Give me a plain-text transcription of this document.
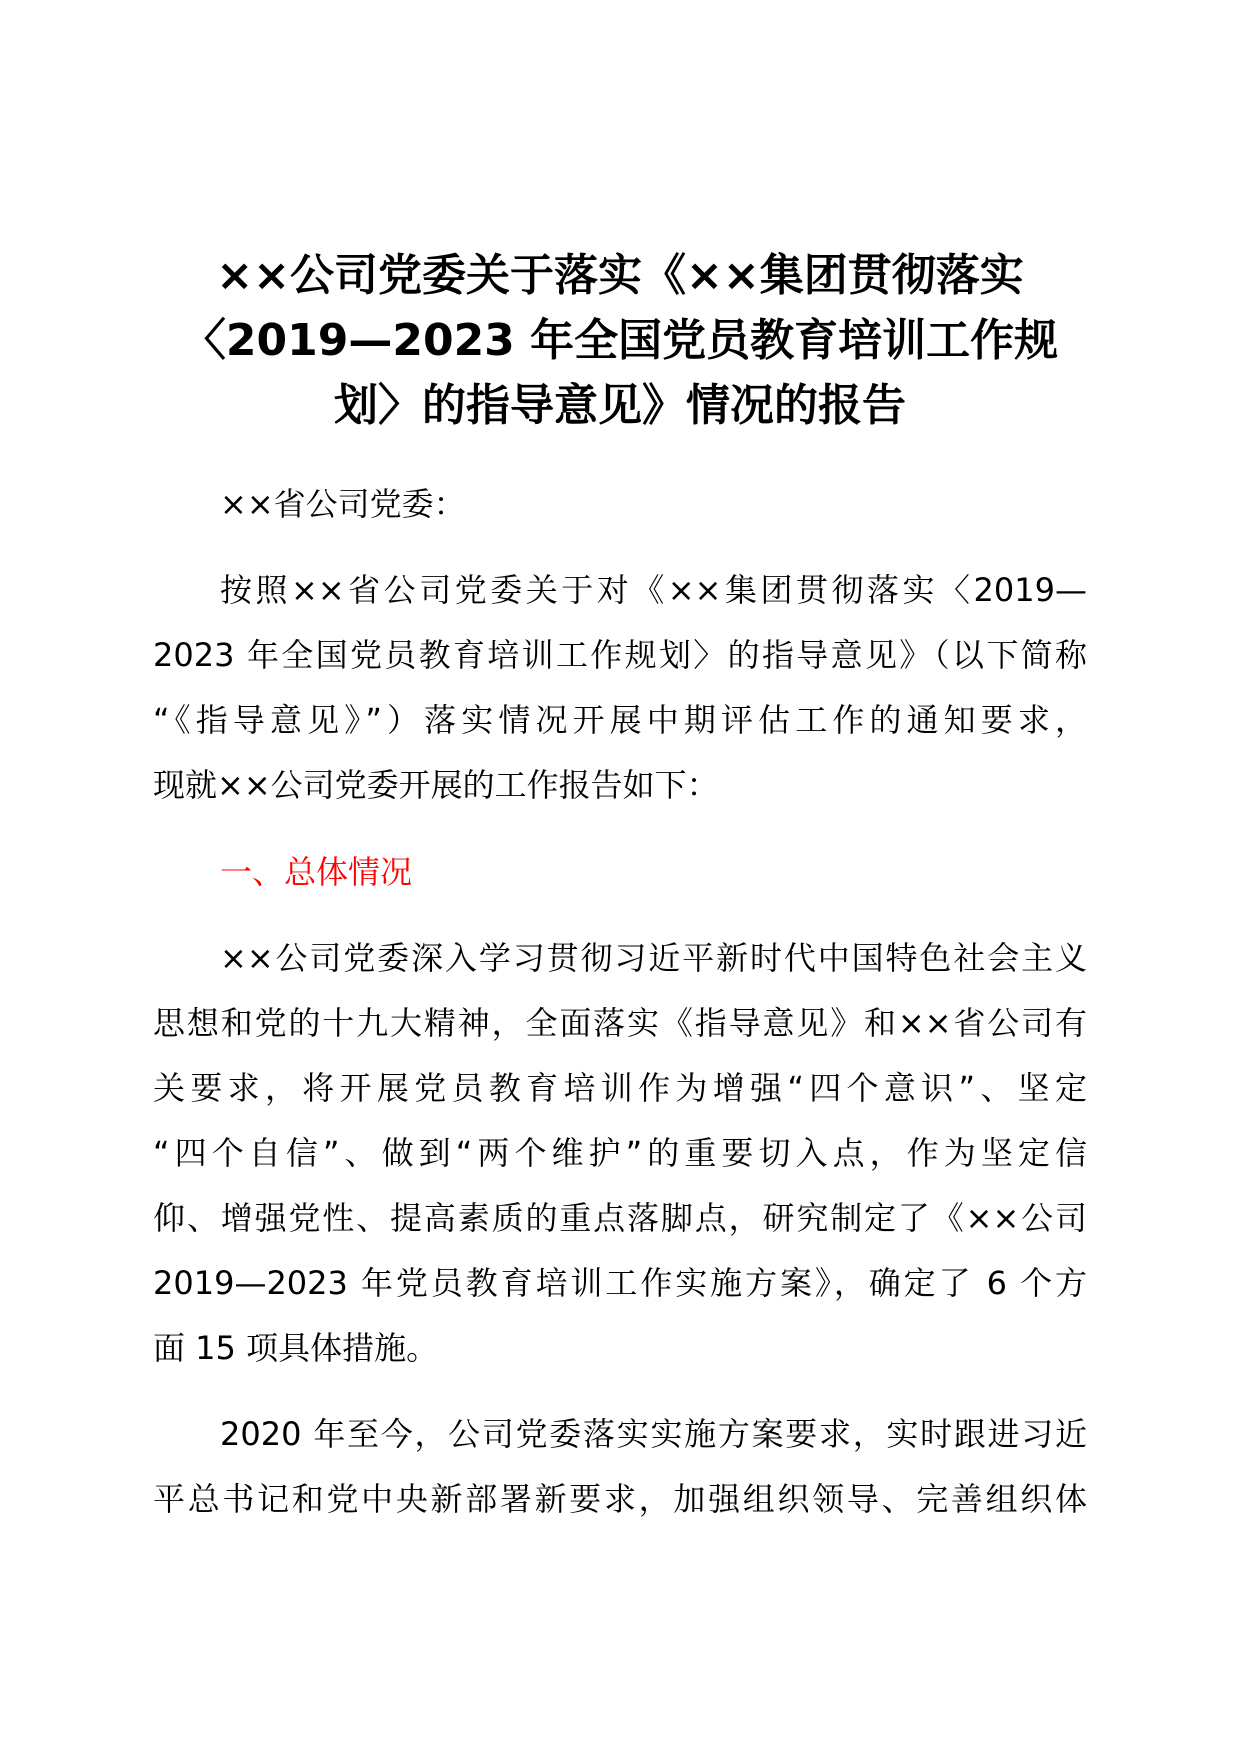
××公司党委关于落实《××集团贯彻落实
〈2019—2023 年全国党员教育培训工作规
划〉的指导意见》情况的报告
××省公司党委：
按照××省公司党委关于对《××集团贯彻落实〈2019—
2023 年全国党员教育培训工作规划〉的指导意见》（以下简称
“《指导意见》”）落实情况开展中期评估工作的通知要求，
现就××公司党委开展的工作报告如下：
一、总体情况
××公司党委深入学习贯彻习近平新时代中国特色社会主义
思想和党的十九大精神，全面落实《指导意见》和××省公司有
关要求，将开展党员教育培训作为增强“四个意识”、坚定
“四个自信”、做到“两个维护”的重要切入点，作为坚定信
仰、增强党性、提高素质的重点落脚点，研究制定了《××公司
2019—2023 年党员教育培训工作实施方案》，确定了 6 个方
面 15 项具体措施。
2020 年至今，公司党委落实实施方案要求，实时跟进习近
平总书记和党中央新部署新要求，加强组织领导、完善组织体
